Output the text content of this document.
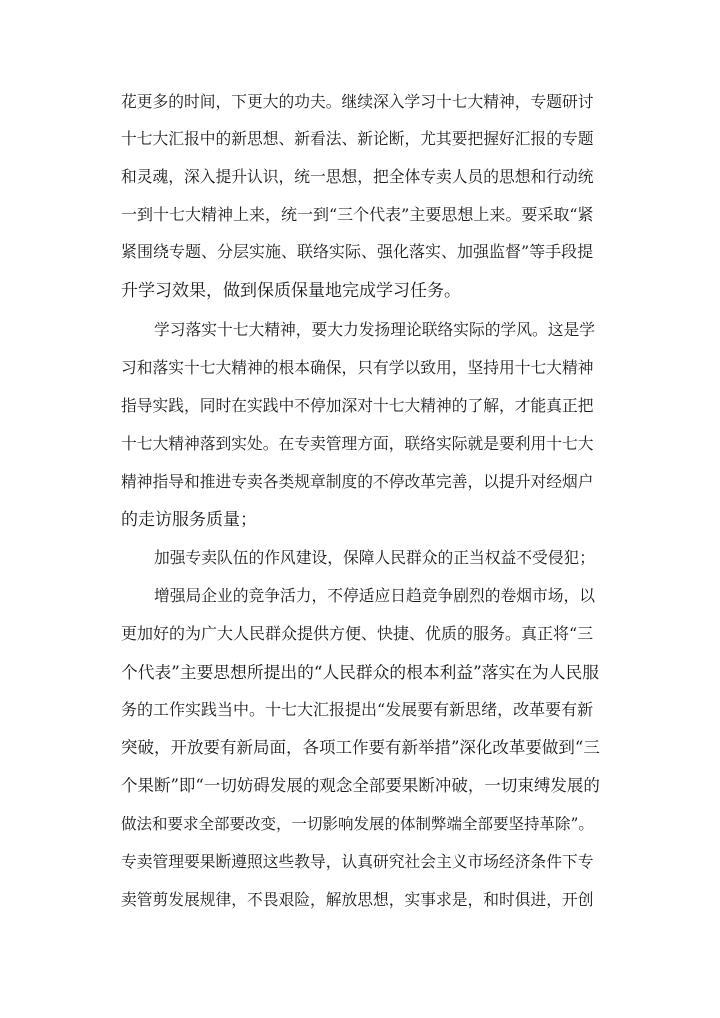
花更多的时间，下更大的功夫。继续深入学习十七大精神，专题研讨
十七大汇报中的新思想、新看法、新论断，尤其要把握好汇报的专题
和灵魂，深入提升认识，统一思想，把全体专卖人员的思想和行动统
一到十七大精神上来，统一到“三个代表”主要思想上来。要采取“紧
紧围绕专题、分层实施、联络实际、强化落实、加强监督”等手段提
升学习效果，做到保质保量地完成学习任务。
学习落实十七大精神，要大力发扬理论联络实际的学风。这是学
习和落实十七大精神的根本确保，只有学以致用，坚持用十七大精神
指导实践，同时在实践中不停加深对十七大精神的了解，才能真正把
十七大精神落到实处。在专卖管理方面，联络实际就是要利用十七大
精神指导和推进专卖各类规章制度的不停改革完善，以提升对经烟户
的走访服务质量；
加强专卖队伍的作风建设，保障人民群众的正当权益不受侵犯；
增强局企业的竞争活力，不停适应日趋竞争剧烈的卷烟市场，以
更加好的为广大人民群众提供方便、快捷、优质的服务。真正将“三
个代表”主要思想所提出的“人民群众的根本利益”落实在为人民服
务的工作实践当中。十七大汇报提出“发展要有新思绪，改革要有新
突破，开放要有新局面，各项工作要有新举措”深化改革要做到“三
个果断”即“一切妨碍发展的观念全部要果断冲破，一切束缚发展的
做法和要求全部要改变，一切影响发展的体制弊端全部要坚持革除”。
专卖管理要果断遵照这些教导，认真研究社会主义市场经济条件下专
卖管剪发展规律，不畏艰险，解放思想，实事求是，和时俱进，开创
